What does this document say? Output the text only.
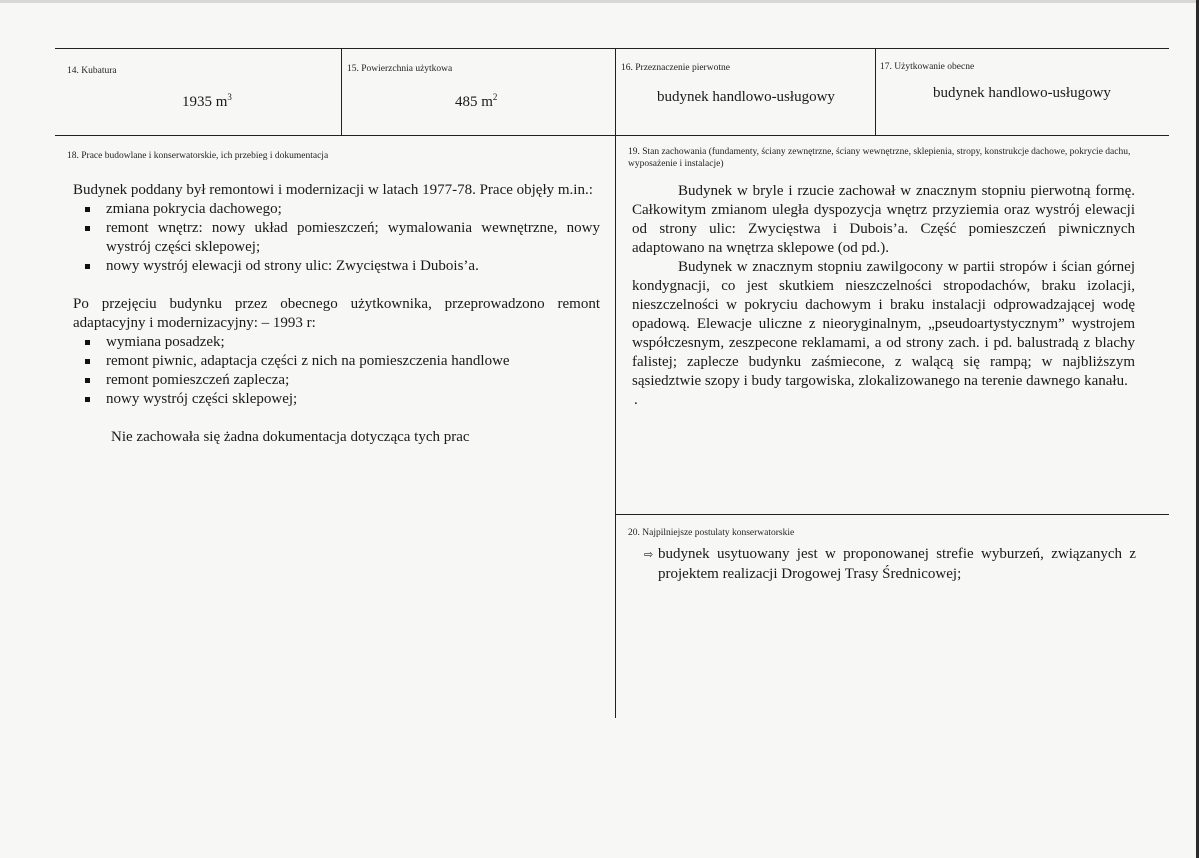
14. Kubatura
1935 $m^3$
15. Powierzchnia użytkowa
485 $m^2$
16. Przeznaczenie pierwotne
budynek handlowo-usługowy
17. Użytkowanie obecne
budynek handlowo-usługowy
18. Prace budowlane i konserwatorskie, ich przebieg i dokumentacja

Budynek poddany był remontowi i modernizacji w latach 1977-78. Prace objęły m.in.:

zmiana pokrycia dachowego;
remont wnętrz: nowy układ pomieszczeń; wymalowania wewnętrzne, nowy wystrój części sklepowej;
nowy wystrój elewacji od strony ulic: Zwycięstwa i Dubois’a.

Po przejęciu budynku przez obecnego użytkownika, przeprowadzono remont adaptacyjny i modernizacyjny: – 1993 r:

wymiana posadzek;
remont piwnic, adaptacja części z nich na pomieszczenia handlowe
remont pomieszczeń zaplecza;
nowy wystrój części sklepowej;

Nie zachowała się żadna dokumentacja dotycząca tych prac

19. Stan zachowania (fundamenty, ściany zewnętrzne, ściany wewnętrzne, sklepienia, stropy, konstrukcje dachowe, pokrycie dachu, wyposażenie i instalacje)

Budynek w bryle i rzucie zachował w znacznym stopniu pierwotną formę. Całkowitym zmianom uległa dyspozycja wnętrz przyziemia oraz wystrój elewacji od strony ulic: Zwycięstwa i Dubois’a. Część pomieszczeń piwnicznych adaptowano na wnętrza sklepowe (od pd.).

Budynek w znacznym stopniu zawilgocony w partii stropów i ścian górnej kondygnacji, co jest skutkiem nieszczelności stropodachów, braku izolacji, nieszczelności w pokryciu dachowym i braku instalacji odprowadzającej wodę opadową. Elewacje uliczne z nieoryginalnym, „pseudoartystycznym” wystrojem współczesnym, zeszpecone reklamami, a od strony zach. i pd. balustradą z blachy falistej; zaplecze budynku zaśmiecone, z walącą się rampą; w najbliższym sąsiedztwie szopy i budy targowiska, zlokalizowanego na terenie dawnego kanału.

.

20. Najpilniejsze postulaty konserwatorskie
⇨ budynek usytuowany jest w proponowanej strefie wyburzeń, związanych z projektem realizacji Drogowej Trasy Średnicowej;
